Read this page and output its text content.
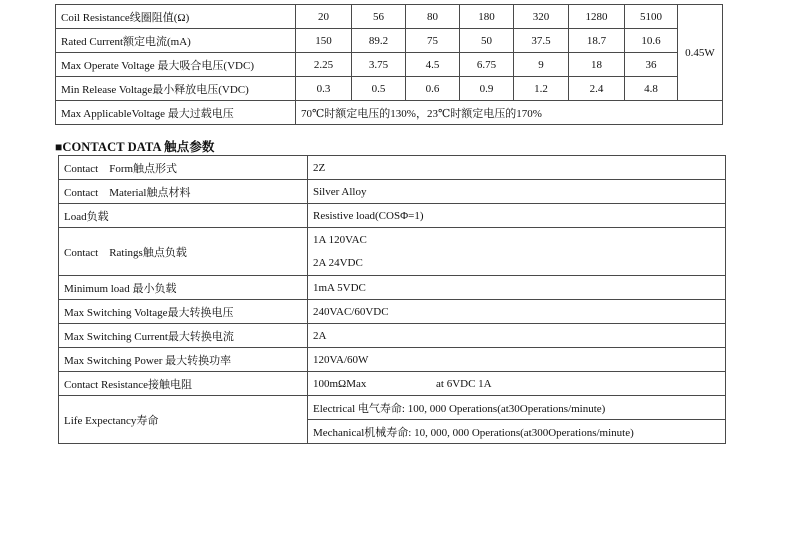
Coil Resistance线圈阻值(Ω)	20	56	80	180	320	1280	5100	0.45W
Rated Current额定电流(mA)	150	89.2	75	50	37.5	18.7	10.6	
Max Operate Voltage 最大吸合电压(VDC)	2.25	3.75	4.5	6.75	9	18	36	
Min Release Voltage最小释放电压(VDC)	0.3	0.5	0.6	0.9	1.2	2.4	4.8	
Max ApplicableVoltage 最大过载电压	70℃时额定电压的130%，23℃时额定电压的170%							
■CONTACT DATA 触点参数
Contact　Form触点形式	2Z
Contact　Material触点材料	Silver Alloy
Load负载	Resistive load(COSΦ=1)
Contact　Ratings触点负载	1A 120VAC
	2A 24VDC
Minimum load 最小负载	1mA 5VDC
Max Switching Voltage最大转换电压	240VAC/60VDC
Max Switching Current最大转换电流	2A
Max Switching Power 最大转换功率	120VA/60W
Contact Resistance接触电阻	100mΩMax at 6VDC 1A
Life Expectancy寿命	Electrical 电气寿命: 100, 000 Operations(at30Operations/minute)
	Mechanical机械寿命: 10, 000, 000 Operations(at300Operations/minute)
